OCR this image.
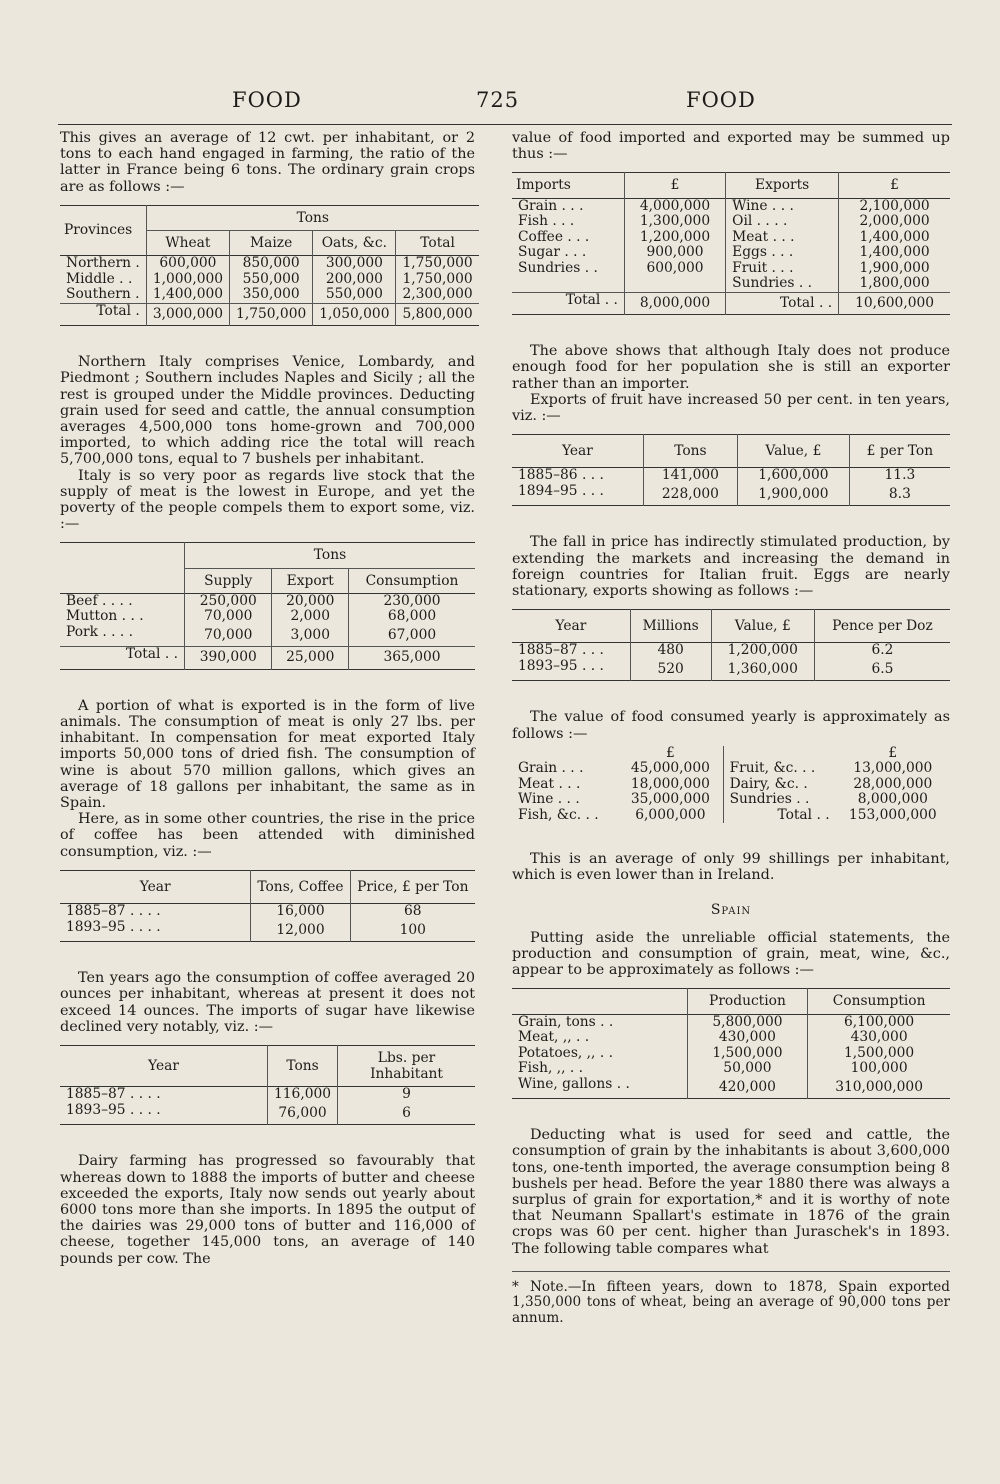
FOOD	725	FOOD

This gives an average of 12 cwt. per inhabitant, or 2 tons to each hand engaged in farming, the ratio of the latter in France being 6 tons. The ordinary grain crops are as follows :—

Provinces	Tons			
	Wheat	Maize	Oats, &c.	Total
Northern .	600,000	850,000	300,000	1,750,000
Middle . .	1,000,000	550,000	200,000	1,750,000
Southern .	1,400,000	350,000	550,000	2,300,000
Total .	3,000,000	1,750,000	1,050,000	5,800,000

Northern Italy comprises Venice, Lombardy, and Piedmont ; Southern includes Naples and Sicily ; all the rest is grouped under the Middle provinces. Deducting grain used for seed and cattle, the annual consumption averages 4,500,000 tons home-grown and 700,000 imported, to which adding rice the total will reach 5,700,000 tons, equal to 7 bushels per inhabitant.

Italy is so very poor as regards live stock that the supply of meat is the lowest in Europe, and yet the poverty of the people compels them to export some, viz. :—

	Tons		
	Supply	Export	Consumption
Beef . . . .	250,000	20,000	230,000
Mutton . . .	70,000	2,000	68,000
Pork . . . .	70,000	3,000	67,000
Total . .	390,000	25,000	365,000

A portion of what is exported is in the form of live animals. The consumption of meat is only 27 lbs. per inhabitant. In compensation for meat exported Italy imports 50,000 tons of dried fish. The consumption of wine is about 570 million gallons, which gives an average of 18 gallons per inhabitant, the same as in Spain.

Here, as in some other countries, the rise in the price of coffee has been attended with diminished consumption, viz. :—

Year	Tons, Coffee	Price, £ per Ton
1885–87 . . . .	16,000	68
1893–95 . . . .	12,000	100

Ten years ago the consumption of coffee averaged 20 ounces per inhabitant, whereas at present it does not exceed 14 ounces. The imports of sugar have likewise declined very notably, viz. :—

Year	Tons	Lbs. per Inhabitant
1885–87 . . . .	116,000	9
1893–95 . . . .	76,000	6

Dairy farming has progressed so favourably that whereas down to 1888 the imports of butter and cheese exceeded the exports, Italy now sends out yearly about 6000 tons more than she imports. In 1895 the output of the dairies was 29,000 tons of butter and 116,000 of cheese, together 145,000 tons, an average of 140 pounds per cow. The

value of food imported and exported may be summed up thus :—

Imports	£	Exports	£
Grain . . .	4,000,000	Wine . . .	2,100,000
Fish . . .	1,300,000	Oil . . . .	2,000,000
Coffee . . .	1,200,000	Meat . . .	1,400,000
Sugar . . .	900,000	Eggs . . .	1,400,000
Sundries . .	600,000	Fruit . . .	1,900,000
		Sundries . .	1,800,000
Total . .	8,000,000	Total . .	10,600,000

The above shows that although Italy does not produce enough food for her population she is still an exporter rather than an importer.

Exports of fruit have increased 50 per cent. in ten years, viz. :—

Year	Tons	Value, £	£ per Ton
1885–86 . . .	141,000	1,600,000	11.3
1894–95 . . .	228,000	1,900,000	8.3

The fall in price has indirectly stimulated production, by extending the markets and increasing the demand in foreign countries for Italian fruit. Eggs are nearly stationary, exports showing as follows :—

Year	Millions	Value, £	Pence per Doz
1885–87 . . .	480	1,200,000	6.2
1893–95 . . .	520	1,360,000	6.5

The value of food consumed yearly is approximately as follows :—

	£		£
Grain . . .	45,000,000	Fruit, &c. . .	13,000,000
Meat . . .	18,000,000	Dairy, &c. .	28,000,000
Wine . . .	35,000,000	Sundries . .	8,000,000
Fish, &c. . .	6,000,000	Total . .	153,000,000

This is an average of only 99 shillings per inhabitant, which is even lower than in Ireland.

Spain

Putting aside the unreliable official statements, the production and consumption of grain, meat, wine, &c., appear to be approximately as follows :—

	Production	Consumption
Grain, tons . .	5,800,000	6,100,000
Meat, ,, . .	430,000	430,000
Potatoes, ,, . .	1,500,000	1,500,000
Fish, ,, . .	50,000	100,000
Wine, gallons . .	420,000	310,000,000

Deducting what is used for seed and cattle, the consumption of grain by the inhabitants is about 3,600,000 tons, one-tenth imported, the average consumption being 8 bushels per head. Before the year 1880 there was always a surplus of grain for exportation,* and it is worthy of note that Neumann Spallart's estimate in 1876 of the grain crops was 60 per cent. higher than Juraschek's in 1893. The following table compares what

* Note.—In fifteen years, down to 1878, Spain exported 1,350,000 tons of wheat, being an average of 90,000 tons per annum.
